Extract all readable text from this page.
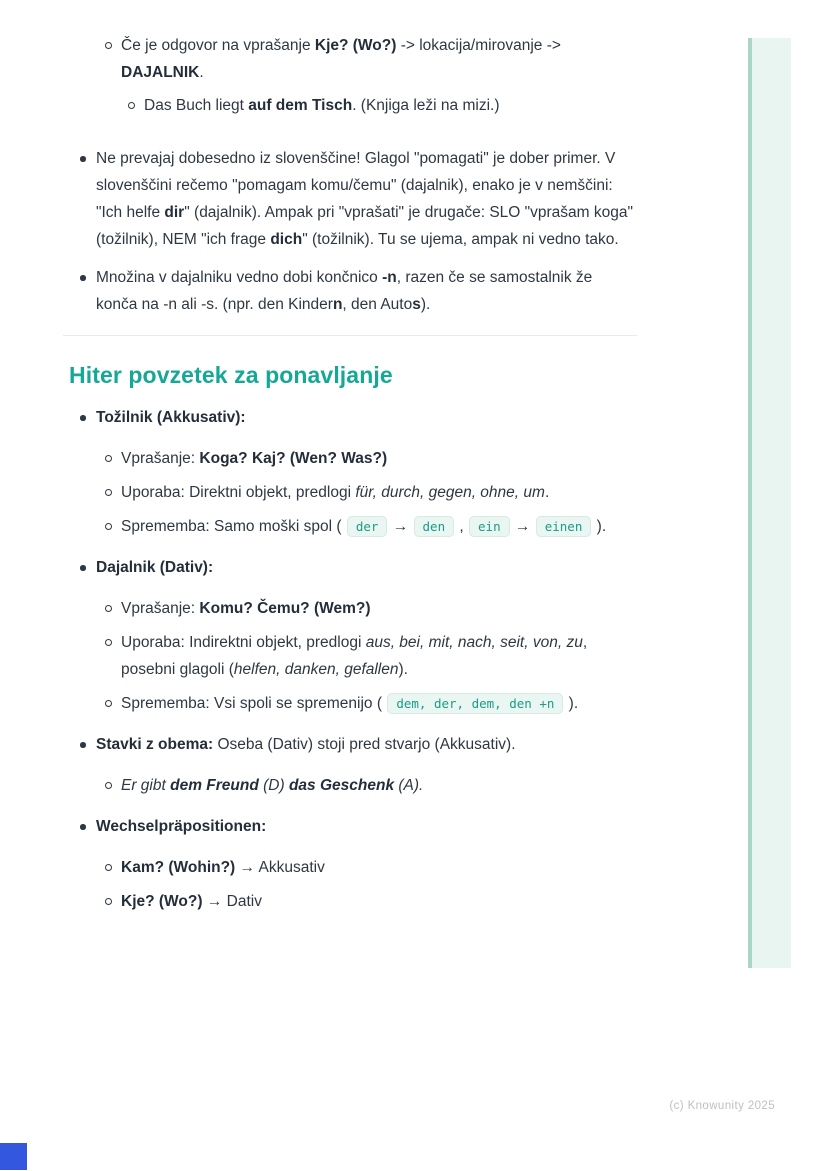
Če je odgovor na vprašanje Kje? (Wo?) -> lokacija/mirovanje -> DAJALNIK.
Das Buch liegt auf dem Tisch. (Knjiga leži na mizi.)
Ne prevajaj dobesedno iz slovenščine! Glagol "pomagati" je dober primer. V slovenščini rečemo "pomagam komu/čemu" (dajalnik), enako je v nemščini: "Ich helfe dir" (dajalnik). Ampak pri "vprašati" je drugače: SLO "vprašam koga" (tožilnik), NEM "ich frage dich" (tožilnik). Tu se ujema, ampak ni vedno tako.
Množina v dajalniku vedno dobi končnico -n, razen če se samostalnik že konča na -n ali -s. (npr. den Kindern, den Autos).
Hiter povzetek za ponavljanje
Tožilnik (Akkusativ):
Vprašanje: Koga? Kaj? (Wen? Was?)
Uporaba: Direktni objekt, predlogi für, durch, gegen, ohne, um.
Sprememba: Samo moški spol ( der → den , ein → einen ).
Dajalnik (Dativ):
Vprašanje: Komu? Čemu? (Wem?)
Uporaba: Indirektni objekt, predlogi aus, bei, mit, nach, seit, von, zu, posebni glagoli (helfen, danken, gefallen).
Sprememba: Vsi spoli se spremenijo ( dem, der, dem, den +n ).
Stavki z obema: Oseba (Dativ) stoji pred stvarjo (Akkusativ).
Er gibt dem Freund (D) das Geschenk (A).
Wechselpräpositionen:
Kam? (Wohin?) → Akkusativ
Kje? (Wo?) → Dativ
(c) Knowunity 2025
